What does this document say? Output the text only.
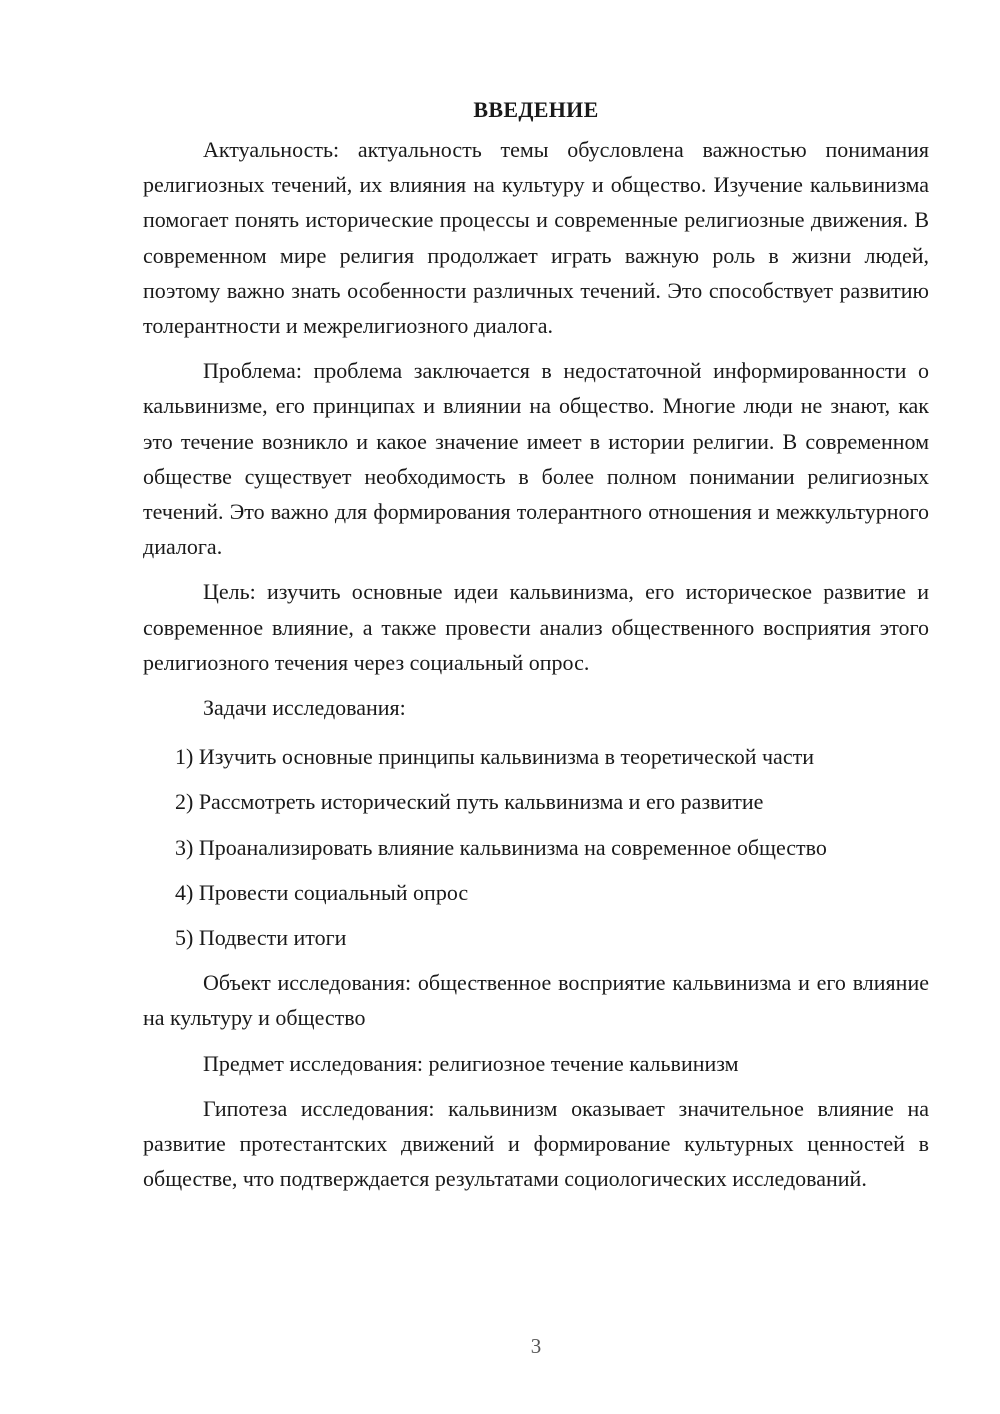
ВВЕДЕНИЕ

Актуальность: актуальность темы обусловлена важностью понимания религиозных течений, их влияния на культуру и общество. Изучение кальвинизма помогает понять исторические процессы и современные религиозные движения. В современном мире религия продолжает играть важную роль в жизни людей, поэтому важно знать особенности различных течений. Это способствует развитию толерантности и межрелигиозного диалога.

Проблема: проблема заключается в недостаточной информированности о кальвинизме, его принципах и влиянии на общество. Многие люди не знают, как это течение возникло и какое значение имеет в истории религии. В современном обществе существует необходимость в более полном понимании религиозных течений. Это важно для формирования толерантного отношения и межкультурного диалога.

Цель: изучить основные идеи кальвинизма, его историческое развитие и современное влияние, а также провести анализ общественного восприятия этого религиозного течения через социальный опрос.

Задачи исследования:

1) Изучить основные принципы кальвинизма в теоретической части
2) Рассмотреть исторический путь кальвинизма и его развитие
3) Проанализировать влияние кальвинизма на современное общество
4) Провести социальный опрос
5) Подвести итоги

Объект исследования: общественное восприятие кальвинизма и его влияние на культуру и общество

Предмет исследования: религиозное течение кальвинизм

Гипотеза исследования: кальвинизм оказывает значительное влияние на развитие протестантских движений и формирование культурных ценностей в обществе, что подтверждается результатами социологических исследований.

3
